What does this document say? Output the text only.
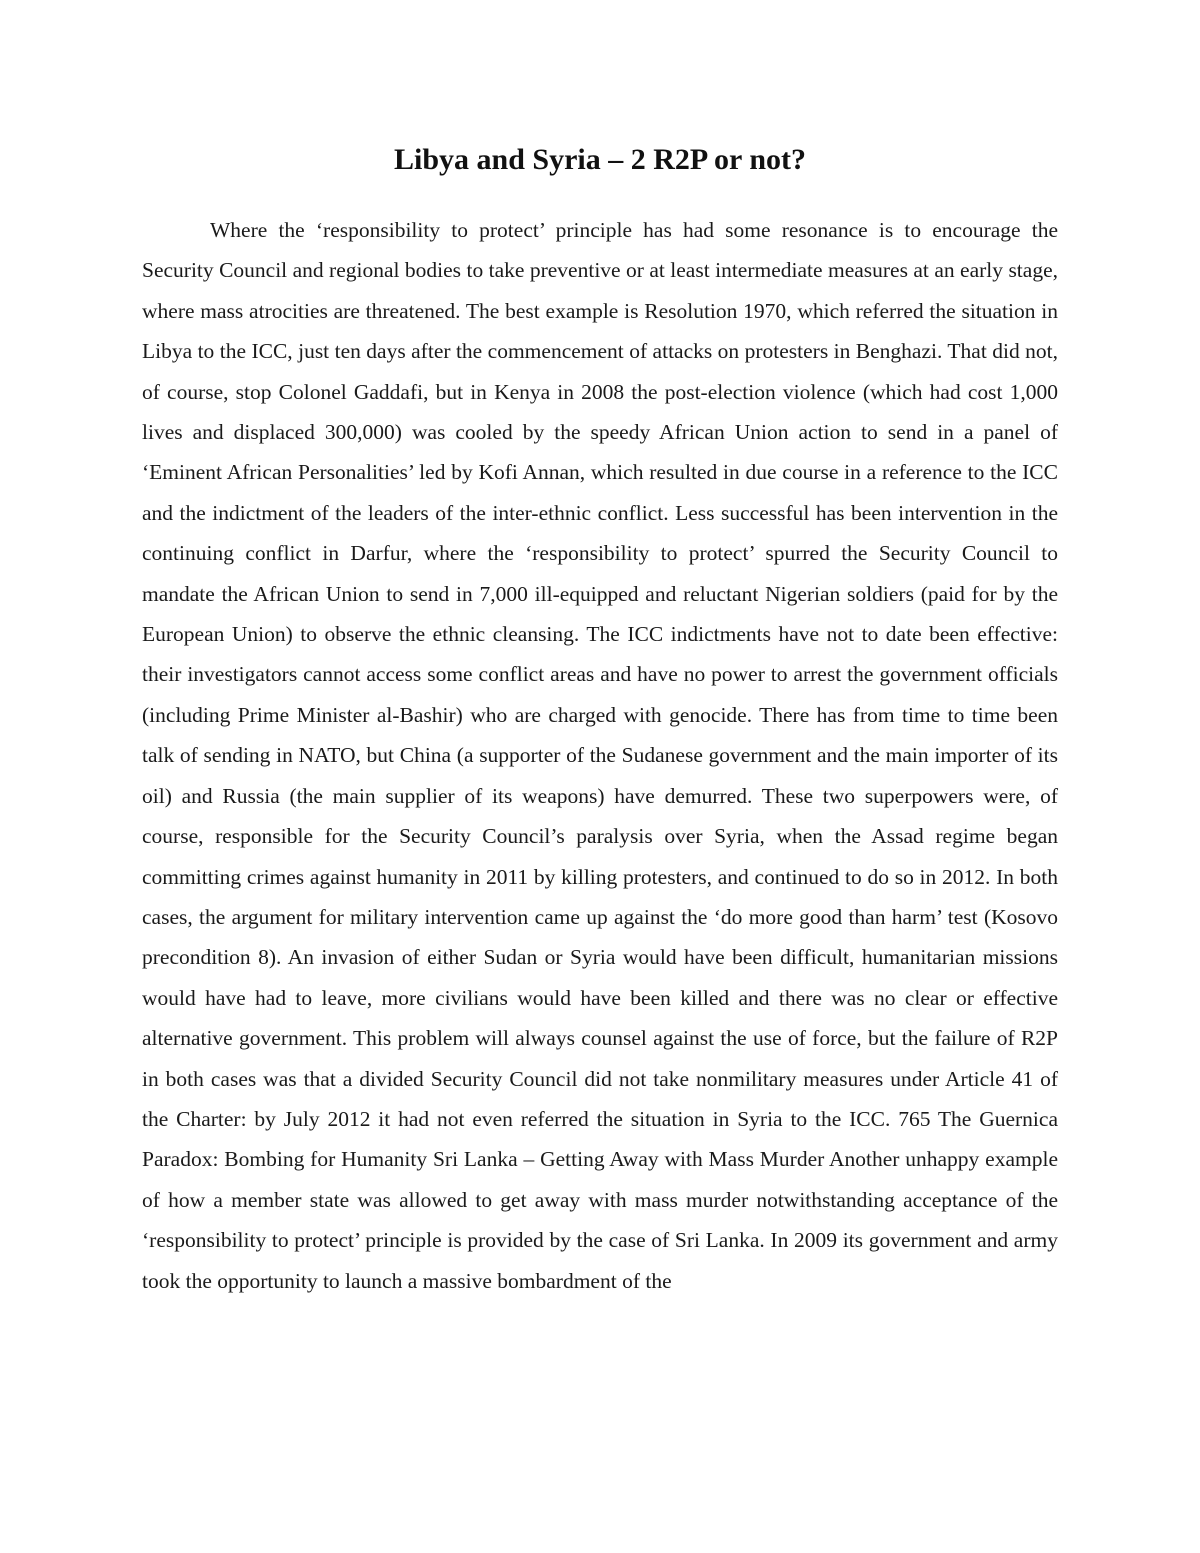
Libya and Syria – 2 R2P or not?

Where the ‘responsibility to protect’ principle has had some resonance is to encourage the Security Council and regional bodies to take preventive or at least intermediate measures at an early stage, where mass atrocities are threatened. The best example is Resolution 1970, which referred the situation in Libya to the ICC, just ten days after the commencement of attacks on protesters in Benghazi. That did not, of course, stop Colonel Gaddafi, but in Kenya in 2008 the post-election violence (which had cost 1,000 lives and displaced 300,000) was cooled by the speedy African Union action to send in a panel of ‘Eminent African Personalities’ led by Kofi Annan, which resulted in due course in a reference to the ICC and the indictment of the leaders of the inter-ethnic conflict. Less successful has been intervention in the continuing conflict in Darfur, where the ‘responsibility to protect’ spurred the Security Council to mandate the African Union to send in 7,000 ill-equipped and reluctant Nigerian soldiers (paid for by the European Union) to observe the ethnic cleansing. The ICC indictments have not to date been effective: their investigators cannot access some conflict areas and have no power to arrest the government officials (including Prime Minister al-Bashir) who are charged with genocide. There has from time to time been talk of sending in NATO, but China (a supporter of the Sudanese government and the main importer of its oil) and Russia (the main supplier of its weapons) have demurred. These two superpowers were, of course, responsible for the Security Council’s paralysis over Syria, when the Assad regime began committing crimes against humanity in 2011 by killing protesters, and continued to do so in 2012. In both cases, the argument for military intervention came up against the ‘do more good than harm’ test (Kosovo precondition 8). An invasion of either Sudan or Syria would have been difficult, humanitarian missions would have had to leave, more civilians would have been killed and there was no clear or effective alternative government. This problem will always counsel against the use of force, but the failure of R2P in both cases was that a divided Security Council did not take nonmilitary measures under Article 41 of the Charter: by July 2012 it had not even referred the situation in Syria to the ICC. 765 The Guernica Paradox: Bombing for Humanity Sri Lanka – Getting Away with Mass Murder Another unhappy example of how a member state was allowed to get away with mass murder notwithstanding acceptance of the ‘responsibility to protect’ principle is provided by the case of Sri Lanka. In 2009 its government and army took the opportunity to launch a massive bombardment of the
